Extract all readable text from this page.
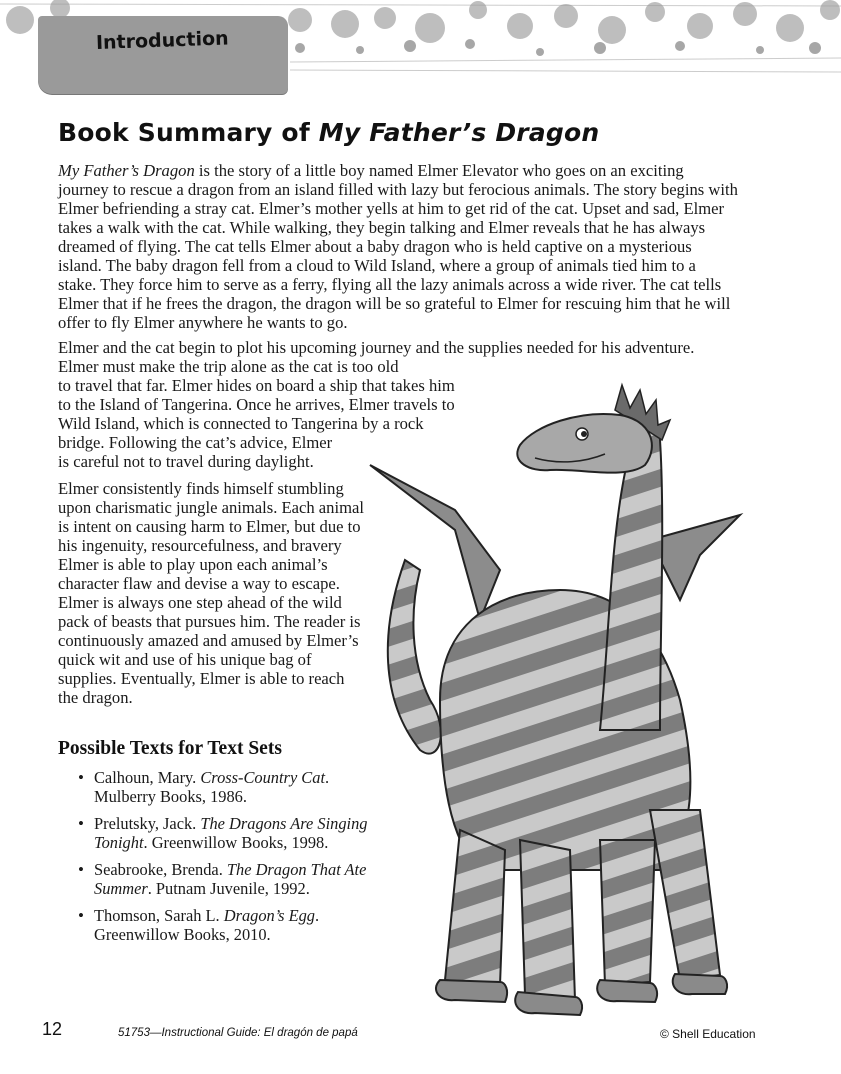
Introduction
Book Summary of My Father’s Dragon

My Father’s Dragon is the story of a little boy named Elmer Elevator who goes on an exciting journey to rescue a dragon from an island filled with lazy but ferocious animals. The story begins with Elmer befriending a stray cat. Elmer’s mother yells at him to get rid of the cat. Upset and sad, Elmer takes a walk with the cat. While walking, they begin talking and Elmer reveals that he has always dreamed of flying. The cat tells Elmer about a baby dragon who is held captive on a mysterious island. The baby dragon fell from a cloud to Wild Island, where a group of animals tied him to a stake. They force him to serve as a ferry, flying all the lazy animals across a wide river. The cat tells Elmer that if he frees the dragon, the dragon will be so grateful to Elmer for rescuing him that he will offer to fly Elmer anywhere he wants to go.

Elmer and the cat begin to plot his upcoming journey and the supplies needed for his adventure. Elmer must make the trip alone as the cat is too old
to travel that far. Elmer hides on board a ship that takes him
to the Island of Tangerina. Once he arrives, Elmer travels to
Wild Island, which is connected to Tangerina by a rock
bridge. Following the cat’s advice, Elmer
is careful not to travel during daylight.

Elmer consistently finds himself stumbling upon charismatic jungle animals. Each animal is intent on causing harm to Elmer, but due to his ingenuity, resourcefulness, and bravery Elmer is able to play upon each animal’s character flaw and devise a way to escape. Elmer is always one step ahead of the wild pack of beasts that pursues him. The reader is continuously amazed and amused by Elmer’s quick wit and use of his unique bag of supplies. Eventually, Elmer is able to reach the dragon.

Possible Texts for Text Sets
• Calhoun, Mary. Cross-Country Cat. Mulberry Books, 1986.
• Prelutsky, Jack. The Dragons Are Singing Tonight. Greenwillow Books, 1998.
• Seabrooke, Brenda. The Dragon That Ate Summer. Putnam Juvenile, 1992.
• Thomson, Sarah L. Dragon’s Egg. Greenwillow Books, 2010.
12	51753—Instructional Guide: El dragón de papá	© Shell Education
